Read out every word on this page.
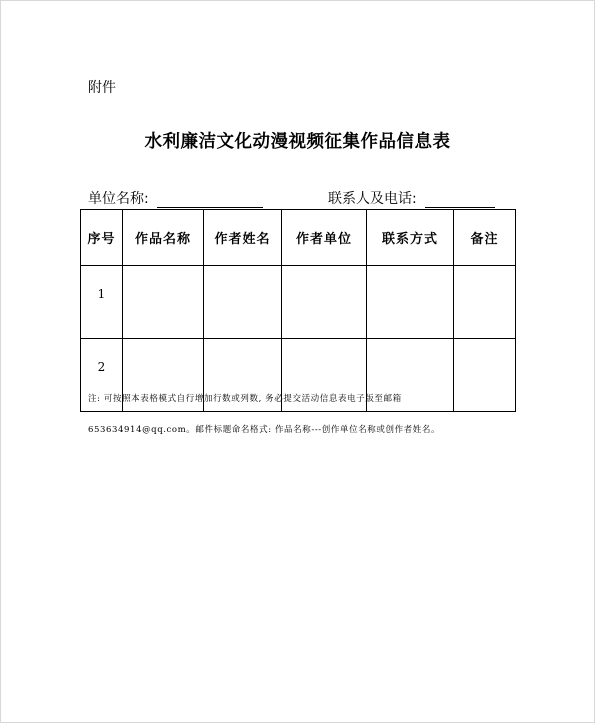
附件
水利廉洁文化动漫视频征集作品信息表
单位名称:	联系人及电话:
序号	作品名称	作者姓名	作者单位	联系方式	备注
1					
2					
注: 可按照本表格模式自行增加行数或列数, 务必提交活动信息表电子版至邮箱
653634914@qq.com。邮件标题命名格式: 作品名称---创作单位名称或创作者姓名。
